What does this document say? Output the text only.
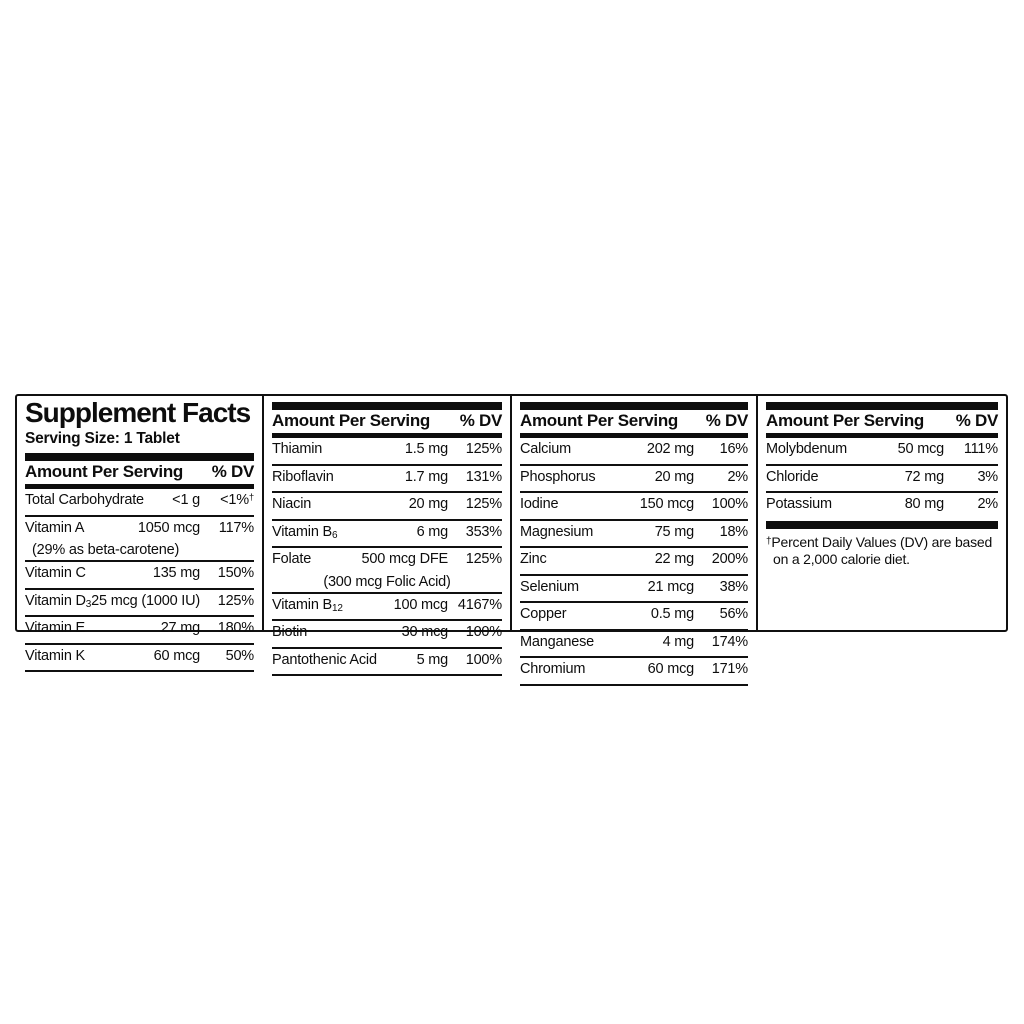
Supplement Facts
Serving Size: 1 Tablet
Amount Per Serving % DV
Total Carbohydrate	<1 g	<1%†
Vitamin A	1050 mcg	117%
(29% as beta-carotene)
Vitamin C	135 mg	150%
Vitamin $D_3$ 25 mcg (1000 IU)	125%
Vitamin E	27 mg	180%
Vitamin K	60 mcg	50%
Amount Per Serving % DV
Thiamin	1.5 mg	125%
Riboflavin	1.7 mg	131%
Niacin	20 mg	125%
Vitamin $B_6$	6 mg	353%
Folate	500 mcg DFE	125%
(300 mcg Folic Acid)
Vitamin $B_{12}$	100 mcg 4167%
Biotin	30 mcg	100%
Pantothenic Acid	5 mg	100%
Amount Per Serving % DV
Calcium	202 mg	16%
Phosphorus	20 mg	2%
Iodine	150 mcg	100%
Magnesium	75 mg	18%
Zinc	22 mg	200%
Selenium	21 mcg	38%
Copper	0.5 mg	56%
Manganese	4 mg	174%
Chromium	60 mcg	171%
Amount Per Serving % DV
Molybdenum	50 mcg	111%
Chloride	72 mg	3%
Potassium	80 mg	2%
†Percent Daily Values (DV) are based
on a 2,000 calorie diet.
